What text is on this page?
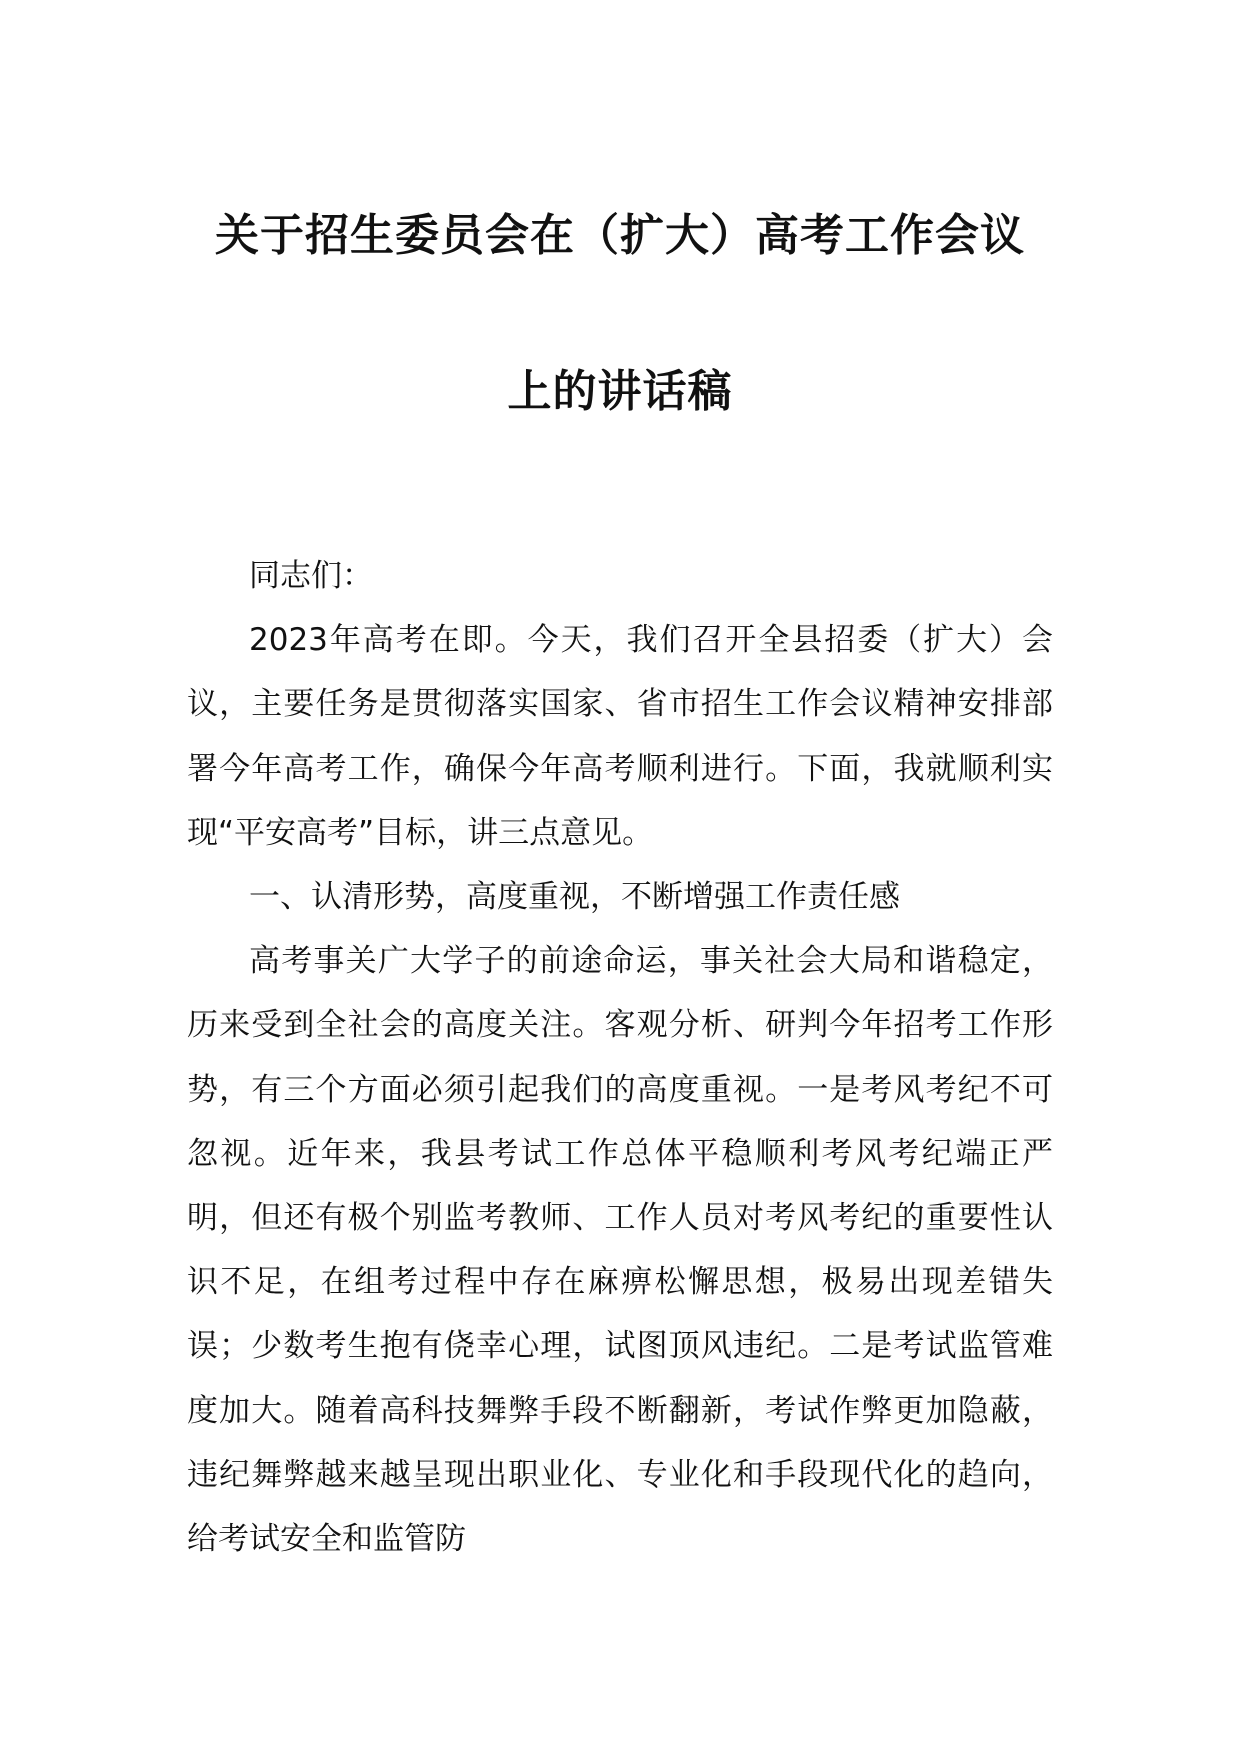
关于招生委员会在（扩大）高考工作会议
上的讲话稿

同志们：

2023年高考在即。今天，我们召开全县招委（扩大）会议，主要任务是贯彻落实国家、省市招生工作会议精神安排部署今年高考工作，确保今年高考顺利进行。下面，我就顺利实现“平安高考”目标，讲三点意见。

一、认清形势，高度重视，不断增强工作责任感

高考事关广大学子的前途命运，事关社会大局和谐稳定，历来受到全社会的高度关注。客观分析、研判今年招考工作形势，有三个方面必须引起我们的高度重视。一是考风考纪不可忽视。近年来，我县考试工作总体平稳顺利考风考纪端正严明，但还有极个别监考教师、工作人员对考风考纪的重要性认识不足，在组考过程中存在麻痹松懈思想，极易出现差错失误；少数考生抱有侥幸心理，试图顶风违纪。二是考试监管难度加大。随着高科技舞弊手段不断翻新，考试作弊更加隐蔽，违纪舞弊越来越呈现出职业化、专业化和手段现代化的趋向，给考试安全和监管防
